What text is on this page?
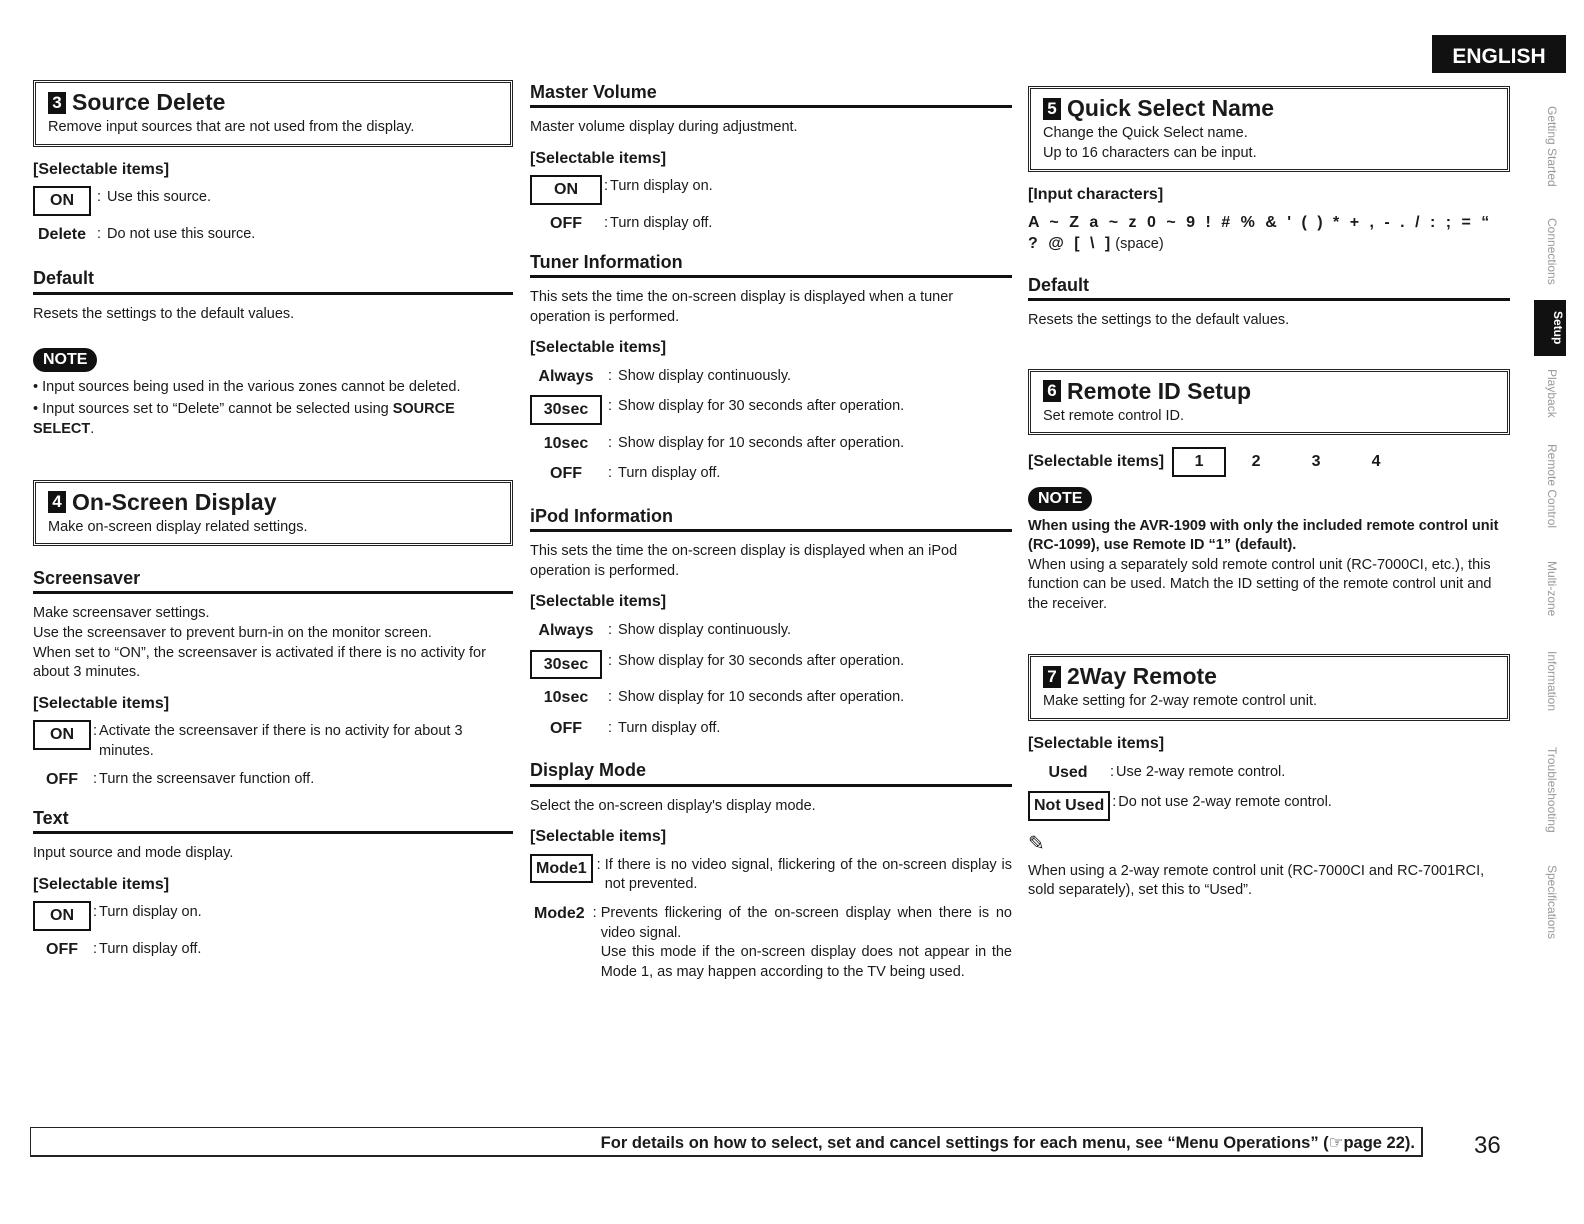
ENGLISH
Getting Started
Connections
Setup
Playback
Remote Control
Multi-zone
Information
Troubleshooting
Specifications
3 Source Delete
Remove input sources that are not used from the display.
[Selectable items]
ON	: Use this source.
Delete : Do not use this source.
Default

Resets the settings to the default values.

NOTE
• Input sources being used in the various zones cannot be deleted.
• Input sources set to “Delete” cannot be selected using SOURCE SELECT.
4 On-Screen Display
Make on-screen display related settings.
Screensaver

Make screensaver settings.

Use the screensaver to prevent burn-in on the monitor screen.

When set to “ON”, the screensaver is activated if there is no activity for about 3 minutes.

[Selectable items]
ON	: Activate the screensaver if there is no activity for about 3 minutes.
OFF	: Turn the screensaver function off.
Text

Input source and mode display.

[Selectable items]
ON	: Turn display on.
OFF	: Turn display off.
Master Volume

Master volume display during adjustment.

[Selectable items]
ON	: Turn display on.
OFF	: Turn display off.
Tuner Information

This sets the time the on-screen display is displayed when a tuner operation is performed.

[Selectable items]
Always : Show display continuously.
30sec	: Show display for 30 seconds after operation.
10sec	: Show display for 10 seconds after operation.
OFF	: Turn display off.
iPod Information

This sets the time the on-screen display is displayed when an iPod operation is performed.

[Selectable items]
Always : Show display continuously.
30sec	: Show display for 30 seconds after operation.
10sec	: Show display for 10 seconds after operation.
OFF	: Turn display off.
Display Mode

Select the on-screen display's display mode.

[Selectable items]
Mode1 : If there is no video signal, flickering of the on-screen display is not prevented.
Mode2 : Prevents flickering of the on-screen display when there is no video signal.
Use this mode if the on-screen display does not appear in the Mode 1, as may happen according to the TV being used.
5 Quick Select Name
Change the Quick Select name.
Up to 16 characters can be input.
[Input characters]
A ~ Z a ~ z 0 ~ 9 ! # % & ' ( ) * + , - . / : ; = “ ? @ [ \ ] (space)
Default

Resets the settings to the default values.

6 Remote ID Setup
Set remote control ID.
[Selectable items]	1	2	3	4
NOTE
When using the AVR-1909 with only the included remote control unit (RC-1099), use Remote ID “1” (default).
When using a separately sold remote control unit (RC-7000CI, etc.), this function can be used. Match the ID setting of the remote control unit and the receiver.
7 2Way Remote
Make setting for 2-way remote control unit.
[Selectable items]
Used	: Use 2-way remote control.
Not Used : Do not use 2-way remote control.
✎
When using a 2-way remote control unit (RC-7000CI and RC-7001RCI, sold separately), set this to “Used”.
For details on how to select, set and cancel settings for each menu, see “Menu Operations” (☞page 22).	36
